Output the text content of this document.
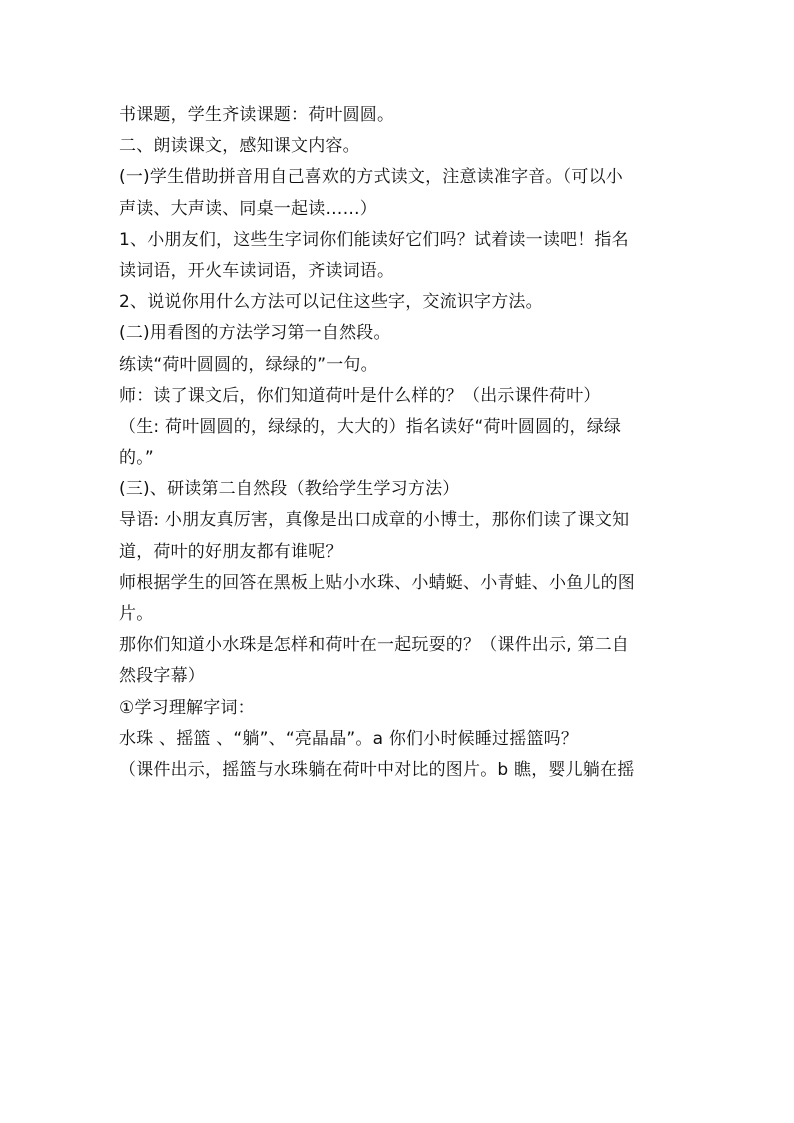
书课题，学生齐读课题：荷叶圆圆。
二、朗读课文，感知课文内容。
(一)学生借助拼音用自己喜欢的方式读文，注意读准字音。（可以小
声读、大声读、同桌一起读……）
1、小朋友们，这些生字词你们能读好它们吗？试着读一读吧！指名
读词语，开火车读词语，齐读词语。
2、说说你用什么方法可以记住这些字，交流识字方法。
(二)用看图的方法学习第一自然段。
练读“荷叶圆圆的，绿绿的”一句。
师：读了课文后，你们知道荷叶是什么样的？（出示课件荷叶）
（生: 荷叶圆圆的，绿绿的，大大的）指名读好“荷叶圆圆的，绿绿
的。”
(三)、研读第二自然段（教给学生学习方法）
导语: 小朋友真厉害，真像是出口成章的小博士，那你们读了课文知
道，荷叶的好朋友都有谁呢？
师根据学生的回答在黑板上贴小水珠、小蜻蜓、小青蛙、小鱼儿的图
片。
那你们知道小水珠是怎样和荷叶在一起玩耍的？（课件出示, 第二自
然段字幕）
①学习理解字词：
水珠 、摇篮 、“躺”、“亮晶晶”。a 你们小时候睡过摇篮吗？
（课件出示，摇篮与水珠躺在荷叶中对比的图片。b 瞧，婴儿躺在摇
